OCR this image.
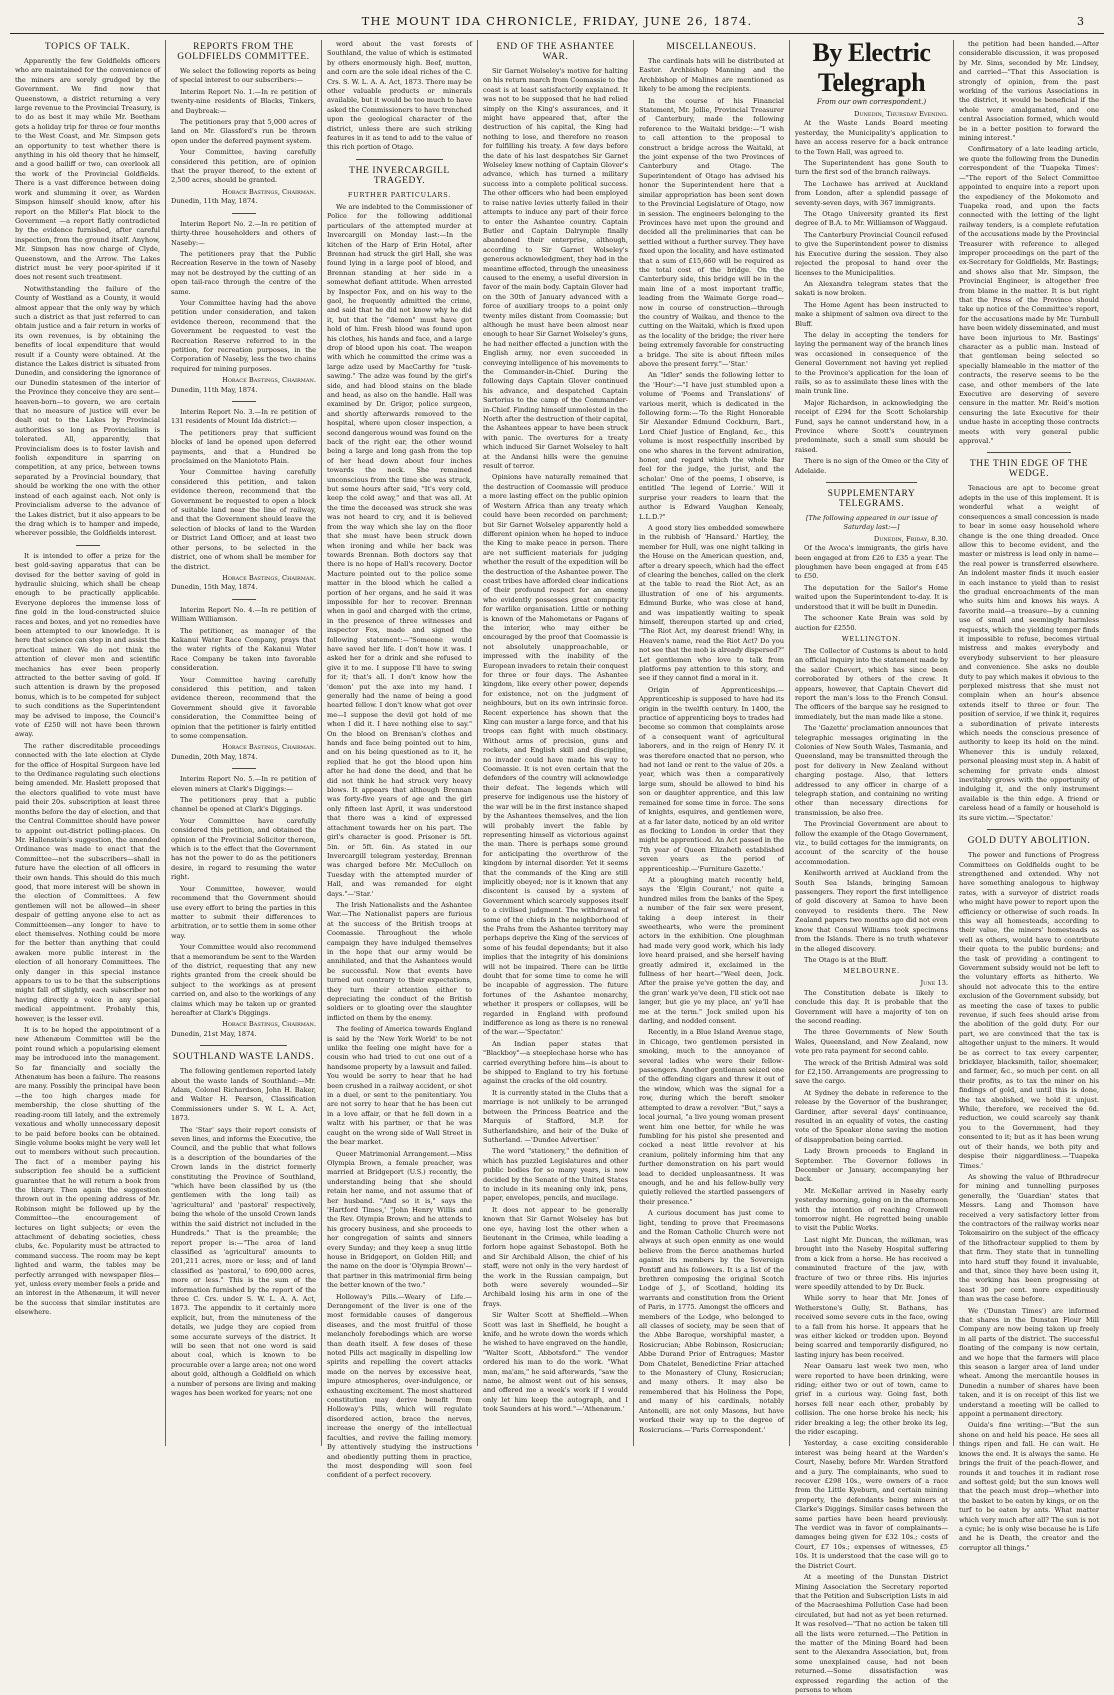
THE MOUNT IDA CHRONICLE, FRIDAY, JUNE 26, 1874.	3
TOPICS OF TALK.

Apparently the few Goldfields officers who are maintained for the convenience of the miners are sorely grudged by the Government. We find now that Queenstown, a district returning a very large revenue to the Provincial Treasury, is to do as best it may while Mr. Beetham gets a holiday trip for three or four months to the West Coast, and Mr. Simpson gets an opportunity to test whether there is anything in his old theory that he himself, and a good bailiff or two, can overlook all the work of the Provincial Goldfields. There is a vast difference between doing work and slumming it over, as Warden Simpson himself should know, after his report on the Miller's Flat block to the Government —a report flatly contradicted by the evidence furnished, after careful inspection, from the ground itself. Anyhow, Mr. Simpson has now charge of Clyde, Queenstown, and the Arrow. The Lakes district must be very poor-spirited if it does not resent such treatment.

Notwithstanding the failure of the County of Westland as a County, it would almost appear that the only way by which such a district as that just referred to can obtain justice and a fair return in works of its own revenues, is by obtaining the benefits of local expenditure that would result if a County were obtained. At the distance the Lakes district is situated from Dunedin, and considering the ignorance of our Dunedin statesmen of the interior of the Province they conceive they are sent—heaven-born—to govern, we are certain that no measure of justice will ever be dealt out to the Lakes by Provincial authorities so long as Provincialism is tolerated. All, apparently, that Provincialism does is to foster lavish and foolish expenditure in sparring on competition, at any price, between towns separated by a Provincial boundary, that should be working the one with the other instead of each against each. Not only is Provincialism adverse to the advance of the Lakes district, but it also appears to be the drag which is to hamper and impede, wherever possible, the Goldfields interest.

It is intended to offer a prize for the best gold-saving apparatus that can be devised for the better saving of gold in hydraulic sluicing, which shall be cheap enough to be practically applicable. Everyone deplores the immense loss of fine gold in the loud-constructed sluice races and boxes, and yet no remedies have been attempted to our knowledge. It is here that science can step in and assist the practical miner. We do not think the attention of clever men and scientific mechanics has ever been properly attracted to the better saving of gold. If such attention is drawn by the proposed bonus, which is to be competed for subject to such conditions as the Superintendent may be advised to impose, the Council's vote of £250 will not have been thrown away.

The rather discreditable proceedings connected with the late election at Clyde for the office of Hospital Surgeon have led to the Ordinance regulating such elections being amended. Mr. Haslett proposed that the electors qualified to vote must have paid their 20s. subscription at least three months before the day of election, and that the Central Committee should have power to appoint out-district polling-places. On Mr. Hallenstein's suggestion, the amended Ordinance was made to enact that the Committee—not the subscribers—shall in future have the election of all officers in their own hands. This should do this much good, that more interest will be shown in the election of Committees. A few gentlemen will not be allowed—in sheer despair of getting anyone else to act as Committeemen—any longer to have to elect themselves. Nothing could be more for the better than anything that could awaken more public interest in the election of all honorary Committees. The only danger in this special instance appears to us to be that the subscriptions might fall off slightly, each subscriber not having directly a voice in any special medical appointment. Probably this, however, is the lesser evil.

It is to be hoped the appointment of a new Athenæum Committee will be the point round which a popularising element may be introduced into the management. So far financially and socially the Athenæum has been a failure. The reasons are many. Possibly the principal have been—the too high charges made for membership, the close shutting of the reading-room till lately, and the extremely vexatious and wholly unnecessary deposit to be paid before books can be obtained. Single volume books might be very well let out to members without such precaution. The fact of a member paying his subscription fee should be a sufficient guarantee that he will return a book from the library. Then again the suggestion thrown out in the opening address of Mr. Robinson might be followed up by the Committee—the encouragement of lectures on light subjects; or even the attachment of debating societies, chess clubs, &c. Popularity must be attracted to command success. The room may be kept lighted and warm, the tables may be perfectly arranged with newspaper files—yet, unless every member feels a pride and an interest in the Athenæum, it will never be the success that similar institutes are elsewhere.

REPORTS FROM THE GOLDFIELDS COMMITTEE.

We select the following reports as being of special interest to our subscribers:—

Interim Report No. 1.—In re petition of twenty-nine residents of Blacks, Tinkers, and Daybreak:—

The petitioners pray that 5,000 acres of land on Mr. Glassford's run be thrown open under the deferred payment system.

Your Committee, having carefully considered this petition, are of opinion that the prayer thereof, to the extent of 2,500 acres, should be granted.

Horace Bastings, Chairman.

Dunedin, 11th May, 1874.

Interim Report No. 2.—In re petition of thirty-three householders and others of Naseby:—

The petitioners pray that the Public Recreation Reserve in the town of Naseby may not be destroyed by the cutting of an open tail-race through the centre of the same.

Your Committee having had the above petition under consideration, and taken evidence thereon, recommend that the Government be requested to vest the Recreation Reserve referred to in the petition, for recreation purposes, in the Corporation of Naseby, less the two chains required for mining purposes.

Horace Bastings, Chairman.

Dunedin, 11th May, 1874.

Interim Report No. 3.—In re petition of 131 residents of Mount Ida district:—

The petitioners pray that sufficient blocks of land be opened upon deferred payments, and that a Hundred be proclaimed on the Maniototo Plain.

Your Committee having carefully considered this petition, and taken evidence thereon, recommend that the Government be requested to open a block of suitable land near the line of railway, and that the Government should leave the selection of blocks of land to the Warden or District Land Officer, and at least two other persons, to be selected in the district, one of whom shall be member for the district.

Horace Bastings, Chairman.

Dunedin, 15th May, 1874.

Interim Report No. 4.—In re petition of William Williamson.

The petitioner, as manager of the Kakanui Water Race Company, prays that the water rights of the Kakanui Water Race Company be taken into favorable consideration.

Your Committee having carefully considered this petition, and taken evidence thereon, recommend that the Government should give it favorable consideration, the Committee being of opinion that the petitioner is fairly entitled to some compensation.

Horace Bastings, Chairman.

Dunedin, 20th May, 1874.

Interim Report No. 5.—In re petition of eleven miners at Clark's Diggings:—

The petitioners pray that a public channel be opened at Clark's Diggings.

Your Committee have carefully considered this petition, and obtained the opinion of the Provincial Solicitor thereon, which is to the effect that the Government has not the power to do as the petitioners desire, in regard to resuming the water right.

Your Committee, however, would recommend that the Government should use every effort to bring the parties in this matter to submit their differences to arbitration, or to settle them in some other way.

Your Committee would also recommend that a memorandum be sent to the Warden of the district, requesting that any new rights granted from the creek should be subject to the workings as at present carried on, and also to the workings of any claims which may be taken up or granted hereafter at Clark's Diggings.

Horace Bastings, Chairman.

Dunedin, 21st May, 1874.

SOUTHLAND WASTE LANDS.

The following gentlemen reported lately about the waste lands of Southland:—Mr. Adam, Colonel Richardson, John H. Baker, and Walter H. Pearson, Classification Commissioners under S. W. L. A. Act, 1873.

The 'Star' says their report consists of seven lines, and informs the Executive, the Council, and the public that what follows is a description of the boundaries of the Crown lands in the district formerly constituting the Province of Southland, "which have been classified by us (the gentlemen with the long tail) as 'agricultural' and 'pastoral' respectively, being the whole of the unsold Crown lands within the said district not included in the Hundreds." That is the preamble; the report proper is:—"The area of land classified as 'agricultural' amounts to 201,211 acres, more or less; and of land classified as 'pastoral,' to 690,000 acres, more or less." This is the sum of the information furnished by the report of the three C. Crs. under S. W. L. A. A. Act, 1873. The appendix to it certainly more explicit, but, from the minuteness of the details, we judge they are copied from some accurate surveys of the district. It will be seen that not one word is said about coal, which is known to be procurable over a large area; not one word about gold, although a Goldfield on which a number of persons are living and making wages has been worked for years; not one

word about the vast forests of Southland, the value of which is estimated by others enormously high. Beef, mutton, and corn are the sole ideal riches of the C. Crs. S. W. L. A. A. Act, 1873. There may be other valuable products or minerals available, but it would be too much to have asked the Commissioners to have trenched upon the geological character of the district, unless there are such striking features in it as tend to add to the value of this rich portion of Otago.

THE INVERCARGILL TRAGEDY.
FURTHER PARTICULARS.

We are indebted to the Commissioner of Police for the following additional particulars of the attempted murder at Invercargill on Monday last:—In the kitchen of the Harp of Erin Hotel, after Brennan had struck the girl Hall, she was found lying in a large pool of blood, and Brennan standing at her side in a somewhat defiant attitude. When arrested by Inspector Fox, and on his way to the gaol, he frequently admitted the crime, and said that he did not know why he did it, but that the "demon" must have got hold of him. Fresh blood was found upon his clothes, his hands and face, and a large drop of blood upon his coat. The weapon with which he committed the crime was a large adze used by MacCarthy for "tusk-sawing." The adze was found by the girl's side, and had blood stains on the blade and head, as also on the handle. Hall was examined by Dr. Grigor, police surgeon, and shortly afterwards removed to the hospital, where upon closer inspection, a second dangerous wound was found on the back of the right ear, the other wound being a large and long gash from the top of her head down about four inches towards the neck. She remained unconscious from the time she was struck, but some hours after said, "It's very cold, keep the cold away," and that was all. At the time the deceased was struck she was was not heard to cry, and it is believed from the way which she lay on the floor that she must have been struck down when ironing and while her back was towards Brennan. Both doctors say that there is no hope of Hall's recovery. Doctor Macture pointed out to the police some matter in the blood which he called a portion of her organs, and he said it was impossible for her to recover. Brennan when in gaol and charged with the crime, in the presence of three witnesses and inspector Fox, made and signed the following statement:—"Someone would have saved her life. I don't how it was. I asked her for a drink and she refused to give it to me. I suppose I'll have to swing for it; that's all. I don't know how the 'demon' put the axe into my hand. I generally had the name of being a good hearted fellow. I don't know what got over me—I suppose the devil got hold of me when I did it. I have nothing else to say." On the blood on Brennan's clothes and hands and face being pointed out to him, and on his being questioned as to it, he replied that he got the blood upon him after he had done the deed, and that he did not think he had struck very heavy blows. It appears that although Brennan was forty-five years of age and the girl only fifteen last April, it was understood that there was a kind of expressed attachment towards her on his part. The girl's character is good. Prisoner is 5ft. 5in. or 5ft. 6in. As stated in our Invercargill telegram yesterday, Brennan was charged before Mr. McCulloch on Tuesday with the attempted murder of Hall, and was remanded for eight days."—'Star.'

The Irish Nationalists and the Ashantee War.—The Nationalist papers are furious at the success of the British troops at Coomassie. Throughout the whole campaign they have indulged themselves in the hope that our army would be annihilated, and that the Ashantees would be successful. Now that events have turned out contrary to their expectations, they turn their attention either to depreciating the conduct of the British soldiers or to gloating over the slaughter inflicted on them by the enemy.

The feeling of America towards England is said by the 'New York World' to be not unlike the feeling one might have for a cousin who had tried to cut one out of a handsome property by a lawsuit and failed. You would be sorry to hear that he had been crushed in a railway accident, or shot in a duel, or sent to the penitentiary. You are not sorry to hear that he has been cut in a love affair, or that he fell down in a waltz with his partner, or that he was caught on the wrong side of Wall Street in the bear market.

Queer Matrimonial Arrangement.—Miss Olympia Brown, a female preacher, was married at Bridgeport (U.S.) recently, the understanding being that she should retain her name, and not assume that of her husband. "And so it is," says the 'Hartford Times,' "John Henry Willis and the Rev. Olympia Brown; and he attends to his grocery business, and she proceeds to her congregation of saints and sinners every Sunday; and they keep a snug little house in Bridgeport, on Golden Hill; and the name on the door is 'Olympia Brown'—that partner in this matrimonial firm being the better known of the two."

Holloway's Pills.—Weary of Life.—Derangement of the liver is one of the most formidable causes of dangerous diseases, and the most fruitful of those melancholy forebodings which are worse than death itself. A few doses of these noted Pills act magically in dispelling low spirits and repelling the covert attacks made on the nerves by excessive heat, impure atmospheres, over-indulgence, or exhausting excitement. The most shattered constitution may derive benefit from Holloway's Pills, which will regulate disordered action, brace the nerves, increase the energy of the intellectual faculties, and revive the failing memory. By attentively studying the instructions and obediently putting them in practice, the most desponding will soon feel confident of a perfect recovery.

END OF THE ASHANTEE WAR.

Sir Garnet Wolseley's motive for halting on his return march from Coomassie to the coast is at least satisfactorily explained. It was not to be supposed that he had relied simply on the King's assurances, and it might have appeared that, after the destruction of his capital, the King had nothing to lose, and therefore no reason for fulfilling his treaty. A few days before the date of his last despatches Sir Garnet Wolseley knew nothing of Captain Glover's advance, which has turned a military success into a complete political success. The other officers who had been employed to raise native levies utterly failed in their attempts to induce any part of their force to enter the Ashantee country. Captain Butler and Captain Dalrymple finally abandoned their enterprise, although, according to Sir Garnet Wolseley's generous acknowledgment, they had in the meantime effected, through the uneasiness caused to the enemy, a useful diversion in favor of the main body. Captain Glover had on the 30th of January advanced with a force of auxiliary troops to a point only twenty miles distant from Coomassie; but although he must have been almost near enough to hear Sir Garnet Wolseley's guns, he had neither effected a junction with the English army, nor even succeeded in conveying intelligence of his movements to the Commander-in-Chief. During the following days Captain Glover continued his advance, and despatched Captain Sartorius to the camp of the Commander-in-Chief. Finding himself unmolested in the North after the destruction of their capital, the Ashantees appear to have been struck with panic. The overtures for a treaty which induced Sir Garnet Wolseley to halt at the Andansi hills were the genuine result of terror.

Opinions have naturally remained that the destruction of Coomassie will produce a more lasting effect on the public opinion of Western Africa than any treaty which could have been recorded on parchment; but Sir Garnet Wolseley apparently held a different opinion when he hoped to induce the King to make peace in person. There are not sufficient materials for judging whether the result of the expedition will be the destruction of the Ashantee power. The coast tribes have afforded clear indications of their profound respect for an enemy who evidently possesses great compacity for warlike organisation. Little or nothing is known of the Mahometans or Pagans of the interior, who may either be encouraged by the proof that Coomassie is not absolutely unapproachable, or impressed with the inability of the European invaders to retain their conquest for three or four days. The Ashantee kingdom, like every other power, depends for existence, not on the judgment of neighbours, but on its own intrinsic force. Recent experience has shown that the King can muster a large force, and that his troops can fight with much obstinacy. Without arms of precision, guns and rockets, and English skill and discipline, no invader could have made his way to Coomassie. It is not even certain that the defenders of the country will acknowledge their defeat. The legends which will preserve for indigenous use the history of the war will be in the first instance shaped by the Ashantees themselves, and the lion will probably invert the fable by representing himself as victorious against the man. There is perhaps some ground for anticipating the overthrow of the kingdom by internal disorder. Yet it seems that the commands of the King are still implicitly obeyed; nor is it known that any discontent is caused by a system of Government which scarcely supposes itself to a civilised judgment. The withdrawal of some of the chiefs in the neighborhood of the Prahs from the Ashantee territory may perhaps deprive the King of the services of some of his feudal dependants; but it also implies that the integrity of his dominions will not be impaired. There can be little doubt that for some time to come he will be incapable of aggression. The future fortunes of the Ashantee monarchy, whether it prospers or collapses, will be regarded in England with profound indifference as long as there is no renewal of the war.—'Spectator.'

An Indian paper states that "Blackboy"—a steeplechase horse who has carried everything before him—is about to be shipped to England to try his fortune against the cracks of the old country.

It is currently stated in the Clubs that a marriage is not unlikely to be arranged between the Princess Beatrice and the Marquis of Stafford, M.P. for Sutherlandshire, and heir of the Duke of Sutherland. —'Dundee Advertiser.'

The word "stationery," the definition of which has puzzled Legislatures and other public bodies for so many years, is now decided by the Senate of the United States to include in its meaning only ink, pens, paper, envelopes, pencils, and mucilage.

It does not appear to be generally known that Sir Garnet Wolseley has but one eye, having lost the other when a lieutenant in the Crimea, while leading a forlorn hope against Sebastopol. Both he and Sir Archibald Alison, the chief of his staff, were not only in the very hardest of the work in the Russian campaign, but both were severely wounded—Sir Archibald losing his arm in one of the frays.

Sir Walter Scott at Sheffield.—When Scott was last in Sheffield, he bought a knife, and he wrote down the words which he wished to have engraved on the handle, "Walter Scott, Abbotsford." The vendor ordered his man to do the work. "What man, ma'am," he said afterwards, "saw the name, he almost went out of his senses, and offered me a week's work if I would only let him keep the autograph, and I took Saunders at his word."—'Athenæum.'

MISCELLANEOUS.

The cardinals hats will be distributed at Easter. Archbishop Manning and the Archbishop of Malines are mentioned as likely to be among the recipients.

In the course of his Financial Statement, Mr. Jollie, Provincial Treasurer of Canterbury, made the following reference to the Waitaki bridge:—"I wish to call attention to the proposal to construct a bridge across the Waitaki, at the joint expense of the two Provinces of Canterbury and Otago. The Superintendent of Otago has advised his honor the Superintendent here that a similar appropriation has been sent down to the Provincial Legislature of Otago, now in session. The engineers belonging to the Provinces have met upon the ground and decided all the preliminaries that can be settled without a further survey. They have fixed upon the locality, and have estimated that a sum of £15,660 will be required as the total cost of the bridge. On the Canterbury side, this bridge will be in the main line of a most important traffic, leading from the Waimate Gorge road—now in course of construction—through the country of Waikau, and thence to the cutting on the Waitaki, which is fixed upon as the locality of the bridge; the river here being extremely favorable for constructing a bridge. The site is about fifteen miles above the present ferry."—'Star.'

An "Idler" sends the following letter to the 'Hour':—"I have just stumbled upon a volume of 'Poems and Translations' of various merit, which is dedicated in the following form:—'To the Right Honorable Sir Alexander Edmund Cockburn, Bart., Lord Chief Justice of England, &c., this volume is most respectfully inscribed by one who shares in the fervent admiration, honor, and regard which the whole Bar feel for the judge, the jurist, and the scholar.' One of the poems, I observe, is entitled 'The legend of Lorrie.' Will it surprise your readers to learn that the author is Edward Vaughan Kenealy, L.L.D.?"

A good story lies embedded somewhere in the rubbish of 'Hansard.' Hartley, the member for Hull, was one night talking in the House on the American question, and, after a dreary speech, which had the effect of clearing the benches, called on the clerk at the table to read the Riot Act, as an illustration of one of his arguments. Edmund Burke, who was close at hand, and was impatiently waiting to speak himself, thereupon started up and cried, "The Riot Act, my dearest friend! Why, in Heaven's name, read the Riot Act? Do you not see that the mob is already dispersed?" Let gentlemen who love to talk from platforms pay attention to this story, and see if they cannot find a moral in it.

Origin of Apprenticeships.—Apprenticeship is supposed to have had its origin in the twelfth century. In 1400, the practice of apprenticing boys to trades had become so common that complaints arose of a consequent want of agricultural laborers, and in the reign of Henry IV. it was therefore enacted that no person, who had not land or rent to the value of 20s. a year, which was then a comparatively large sum, should be allowed to bind his son or daughter apprentice, and this law remained for some time in force. The sons of knights, esquires, and gentlemen were, at a far later date, noticed by an old writer as flocking to London in order that they might be apprenticed. An Act passed in the 7th year of Queen Elizabeth established seven years as the period of apprenticeship.—'Furniture Gazette.'

At a ploughing match recently held, says the 'Elgin Courant,' not quite a hundred miles from the banks of the Spey, a number of the fair sex were present, taking a deep interest in their sweethearts, who were the prominent actors in the exhibition. One ploughman had made very good work, which his lady love heard praised, and she herself having greatly admired it, exclaimed in the fullness of her heart—"Weel deen, Jock. After the praise ye've gotten the day, and the gran' wark ye've deen, I'll stick oot nae langer, but gie ye my place, an' ye'll hae me at the term." Jock smiled upon his darling, and nodded consent.

Recently, in a Blue Island Avenue stage, in Chicago, two gentlemen persisted in smoking, much to the annoyance of several ladies who were their fellow-passengers. Another gentleman seized one of the offending cigars and threw it out of the window, which was the signal for a row, during which the bereft smoker attempted to draw a revolver. "But," says a local journal, "a live young woman present went him one better, for while he was fumbling for his pistol she presented and cocked a neat little revolver at his cranium, politely informing him that any further demonstration on his part would lead to decided unpleasantness. It was enough, and he and his fellow-bully very quietly relieved the startled passengers of their presence."

A curious document has just come to light, tending to prove that Freemasons and the Roman Catholic Church were not always at such open enmity as one would believe from the fierce anathemas hurled against its members by the Sovereign Pontiff and his followers. It is a list of the brethren composing the original Scotch Lodge of J., of Scotland, holding its warrants and constitution from the Orient of Paris, in 1775. Amongst the officers and members of the Lodge, who belonged to all classes of society, may be seen that of the Abbe Baroque, worshipful master, a Rosicrucian; Abbe Robinson, Rosicrucian; Abbe Durand Prior of Entragues; Master Dom Chatelet, Benedictine Friar attached to the Monastery of Cluny, Rosicrucian; and many others. It may also be remembered that his Holiness the Pope, and many of his cardinals, notably Antonelli, are not only Masons, but have worked their way up to the degree of Rosicrucians.—'Paris Correspondent.'

By Electric Telegraph
From our own correspondent.)

Dunedin, Thursday Evening.

At the Waste Lands Board meeting yesterday, the Municipality's application to have an access reserve for a back entrance to the Town Hall, was agreed to.

The Superintendent has gone South to turn the first sod of the branch railways.

The Lochawe has arrived at Auckland from London, after a splendid passage of seventy-seven days, with 367 immigrants.

The Otago University granted its first degree of B.A. to Mr. Williamson of Waggaud.

The Canterbury Provincial Council refused to give the Superintendent power to dismiss his Executive during the session. They also rejected the proposal to hand over the licenses to the Municipalities.

An Alexandra telegram states that the sakati is now broken.

The Home Agent has been instructed to make a shipment of salmon ova direct to the Bluff.

The delay in accepting the tenders for laying the permanent way of the branch lines was occasioned in consequence of the General Government not having yet replied to the Province's application for the loan of rails, so as to assimilate these lines with the main trunk line.

Major Richardson, in acknowledging the receipt of £294 for the Scott Scholarship Fund, says he cannot understand how, in a Province where Scott's countrymen predominate, such a small sum should be raised.

There is no sign of the Omeo or the City of Adelaide.

SUPPLEMENTARY TELEGRAMS.

[The following appeared in our issue of Saturday last:—]

Dunedin, Friday, 8.30.

Of the Avoca's immigrants, the girls have been engaged at from £26 to £35 a year. The ploughmen have been engaged at from £45 to £50.

The deputation for the Sailor's Home waited upon the Superintendent to-day. It is understood that it will be built in Dunedin.

The schooner Kate Brain was sold by auction for £2550.

WELLINGTON.

The Collector of Customs is about to hold an official inquiry into the statement made by the sailor Chevert, which has since been corroborated by others of the crew. It appears, however, that Captain Chevert did report the man's loss to the French Consul. The officers of the barque say he resigned to immediately, but the man made like a stone.

The 'Gazette' proclamation announces that telegraphic messages originating in the Colonies of New South Wales, Tasmania, and Queensland, may be transmitted through the post for delivery in New Zealand without charging postage. Also, that letters addressed to any officer in charge of a telegraph station, and containing no writing other than necessary directions for transmission, be also free.

The Provincial Government are about to follow the example of the Otago Government, viz., to build cottages for the immigrants, on account of the scarcity of the house accommodation.

Kenilworth arrived at Auckland from the South Sea Islands, bringing Samoan passengers. They report the first intelligence of gold discovery at Samoa to have been conveyed to residents there. The New Zealand papers two months ago did not even know that Consul Williams took specimens from the Islands. There is no truth whatever in the alleged discovery.

The Otago is at the Bluff.

MELBOURNE.

June 13.

The Constitution debate is likely to conclude this day. It is probable that the Government will have a majority of ten on the second reading.

The three Governments of New South Wales, Queensland, and New Zealand, now vote pro rata payment for second cable.

The wreck of the British Admiral was sold for £2,150. Arrangements are progressing to save the cargo.

At Sydney the debate in reference to the release by the Governor of the bushranger, Gardiner, after several days' continuance, resulted in an equality of votes, the casting vote of the Speaker alone saving the motion of disapprobation being carried.

Lady Brown proceeds to England in September. The Governor follows in December or January, accompanying her back.

Mr. McKellar arrived in Naseby early yesterday morning, going on in the afternoon with the intention of reaching Cromwell tomorrow night. He regretted being unable to visit the Public Works.

Last night Mr. Duncan, the milkman, was brought into the Naseby Hospital suffering from a kick from a horse. He has received a comminuted fracture of the jaw, with fracture of two or three ribs. His injuries were speedily attended to by Dr. Buck.

While sorry to hear that Mr. Jones of Wetherstone's Gully, St. Bathans, has received some severe cuts in the face, owing to a fall from his horse. It appears that he was either kicked or trodden upon. Beyond being scarred and temporarily disfigured, no lasting injury has been received.

Near Oamaru last week two men, who were reported to have been drinking, were riding; either two or out of town, came to grief in a curious way. Going fast, both horses fell near each other, probably by collision. The one horse broke his neck; his rider breaking a leg; the other broke its leg, the rider escaping.

Yesterday, a case exciting considerable interest was being heard at the Warden's Court, Naseby, before Mr. Warden Stratford and a jury. The complainants, who sued to recover £298 10s., were owners of a race from the Little Kyeburn, and certain mining property, the defendants being miners at Clarke's Diggings. Similar cases between the same parties have been heard previously. The verdict was in favor of complainants—damages being given for £32 10s.; costs of Court, £7 10s.; expenses of witnesses, £5 10s. It is understood that the case will go to the District Court.

At a meeting of the Dunstan District Mining Association the Secretary reported that the Petition and Subscription Lists in aid of the Macraeshima Pollution Case had been circulated, but had not as yet been returned. It was resolved—"That no action be taken till all the lists were returned.—The Petition in the matter of the Mining Board had been sent to the Alexandra Association, but, from some unexplained cause, had not been returned.—Some dissatisfaction was expressed regarding the action of the persons to whom

the petition had been handed.—After considerable discussion, it was proposed by Mr. Sims, seconded by Mr. Lindsey, and carried—"That this Association is strongly of opinion, from the past working of the various Associations in the district, it would be beneficial if the whole were amalgamated, and one central Association formed, which would be in a better position to forward the mining interest."

Confirmatory of a late leading article, we quote the following from the Dunedin correspondent of the 'Tuapeka Times':—"The report of the Select Committee appointed to enquire into a report upon the expediency of the Mokomoto and Tuapeka road, and upon the facts connected with the letting of the light railway tenders, is a complete refutation of the accusations made by the Provincial Treasurer with reference to alleged improper proceedings on the part of the ex-Secretary for Goldfields, Mr. Bastings; and shows also that Mr. Simpson, the Provincial Engineer, is altogether free from blame in the matter. It is but right that the Press of the Province should take up notice of the Committee's report, for the accusations made by Mr. Turnbull have been widely disseminated, and must have been injurious to Mr. Bastings' character as a public man. Instead of that gentleman being selected so specially blameable in the matter of the contracts, the reserve seems to be the case, and other members of the late Executive are deserving of severe censure in the matter. Mr. Reid's motion censuring the late Executive for their undue haste in accepting those contracts meets with very general public approval."

THE THIN EDGE OF THE WEDGE.

Tenacious are apt to become great adepts in the use of this implement. It is wonderful what a weight of consequences a small concession is made to bear in some easy household where change is the one thing dreaded. Once allow this to become evident, and the master or mistress is lead only in name—the real power is transferred elsewhere. An indolent master finds it much easier in each instance to yield than to resist the gradual encroachments of the man who suits him and knows his ways. A favorite maid—a treasure—by a cunning use of small and seemingly harmless requests, which the yielding temper finds it impossible to refuse, becomes virtual mistress and makes everybody and everybody subservient to her pleasure and convenience. She asks no double duty to pay which makes it obvious to the perplexed mistress that she must not complain when an hour's absence extends itself to three or four. The position of service, if we think it, requires a subordination of private interests which needs the conscious presence of authority to keep its hold on the mind. Whenever this is unduly relaxed, personal pleasing must step in. A habit of scheming for private ends almost inevitably grows with the opportunity of indulging it, and the only instrument available is the thin edge. A friend or careless head of a family or household is its sure victim.—'Spectator.'

GOLD DUTY ABOLITION.

The power and functions of Progress Committees on Goldfields ought to be strengthened and extended. Why not have something analogous to highway rates, with a surveyor of district roads who might have power to report upon the efficiency or otherwise of such roads. In this way all homesteads, according to their value, the miners' homesteads as well as others, would have to contribute their quota to the public burdens; and the task of providing a contingent to Government subsidy would not be left to the voluntary efforts as hitherto. We should not advocate this to the entire exclusion of the Government subsidy, but as meeting the case of taxes to public revenue, if such fees should arise from the abolition of the gold duty. For our part, we are convinced that the tax is altogether unjust to the miners. It would be as correct to tax every carpenter, bricklayer, blacksmith, tailor, shoemaker, and farmer, &c., so much per cent. on all their profits, as to tax the miner on his findings of gold, and until this is done, the tax abolished, we hold it unjust. While, therefore, we received the 6d. reduction, we could scarcely say thank you to the Government, had they consented to it; but as it has been wrung out of their hands, we both pity and despise their niggardliness.—'Tuapeka Times.'

As showing the value of Bthradrecur for mining and tunnelling purposes generally, the 'Guardian' states that Messrs. Lang and Thomson have received a very satisfactory letter from the contractors of the railway works near Tokomairiro on the subject of the efficacy of the lithofracteur supplied to them by that firm. They state that in tunnelling into hard stuff they found it invaluable, and that, since they have been using it, the working has been progressing at least 30 per cent. more expeditiously than was the case before.

We ('Dunstan Times') are informed that shares in the Dunstan Flour Mill Company are now being taken up freely in all parts of the district. The successful floating of the company is now certain, and we hope that the farmers will place this season a larger area of land under wheat. Among the mercantile houses in Dunedin a number of shares have been taken, and it is on receipt of this list we understand a meeting will be called to appoint a permanent directory.

Ouida's fine writing:—"But the sun shone on and held his peace. He sees all things ripen and fall. He can wait. He knows the end. It is always the same. He brings the fruit of the peach-flower, and rounds it and touches it in radiant rose and softest gold; but the sun knows well that the peach must drop—whether into the basket to be eaten by kings, or on the turf to be eaten by ants. What matter which very much after all? The sun is not a cynic; he is only wise because he is Life and he is Death, the creator and the corruptor all things."
